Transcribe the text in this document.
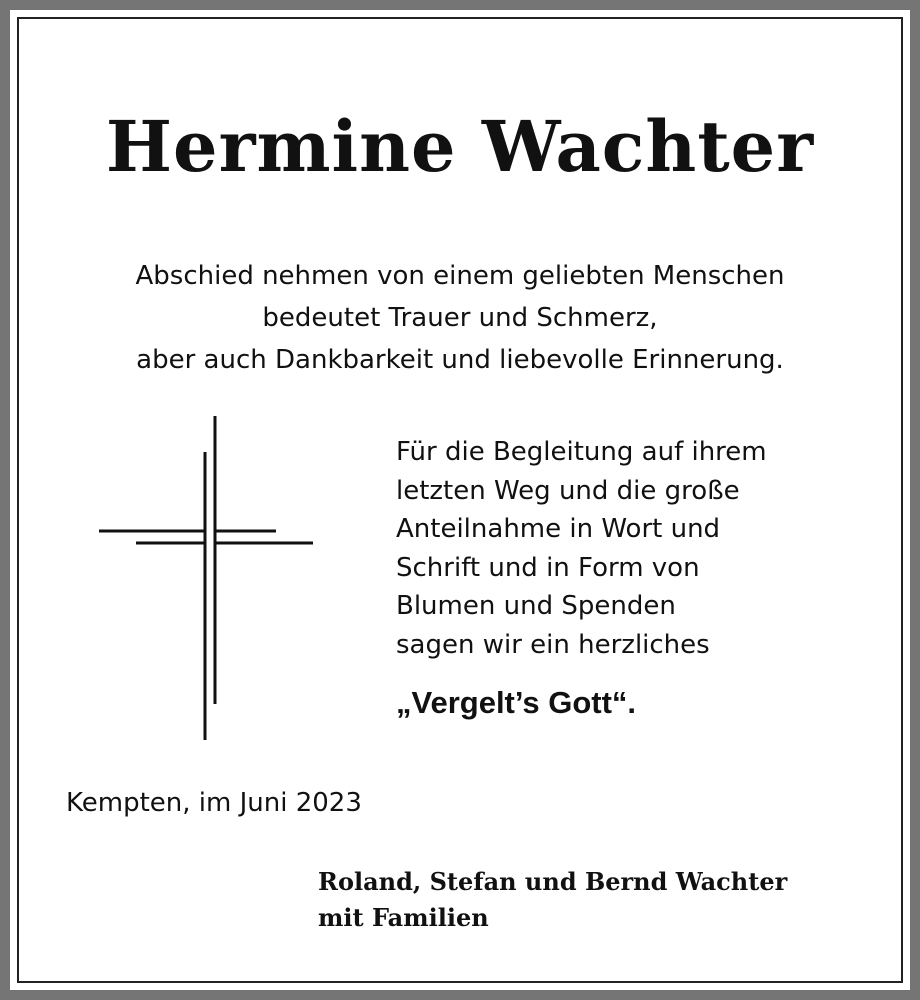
Hermine Wachter
Abschied nehmen von einem geliebten Menschen
bedeutet Trauer und Schmerz,
aber auch Dankbarkeit und liebevolle Erinnerung.
Für die Begleitung auf ihrem
letzten Weg und die große
Anteilnahme in Wort und
Schrift und in Form von
Blumen und Spenden
sagen wir ein herzliches
„Vergelt’s Gott“.
Kempten, im Juni 2023
Roland, Stefan und Bernd Wachter
mit Familien
